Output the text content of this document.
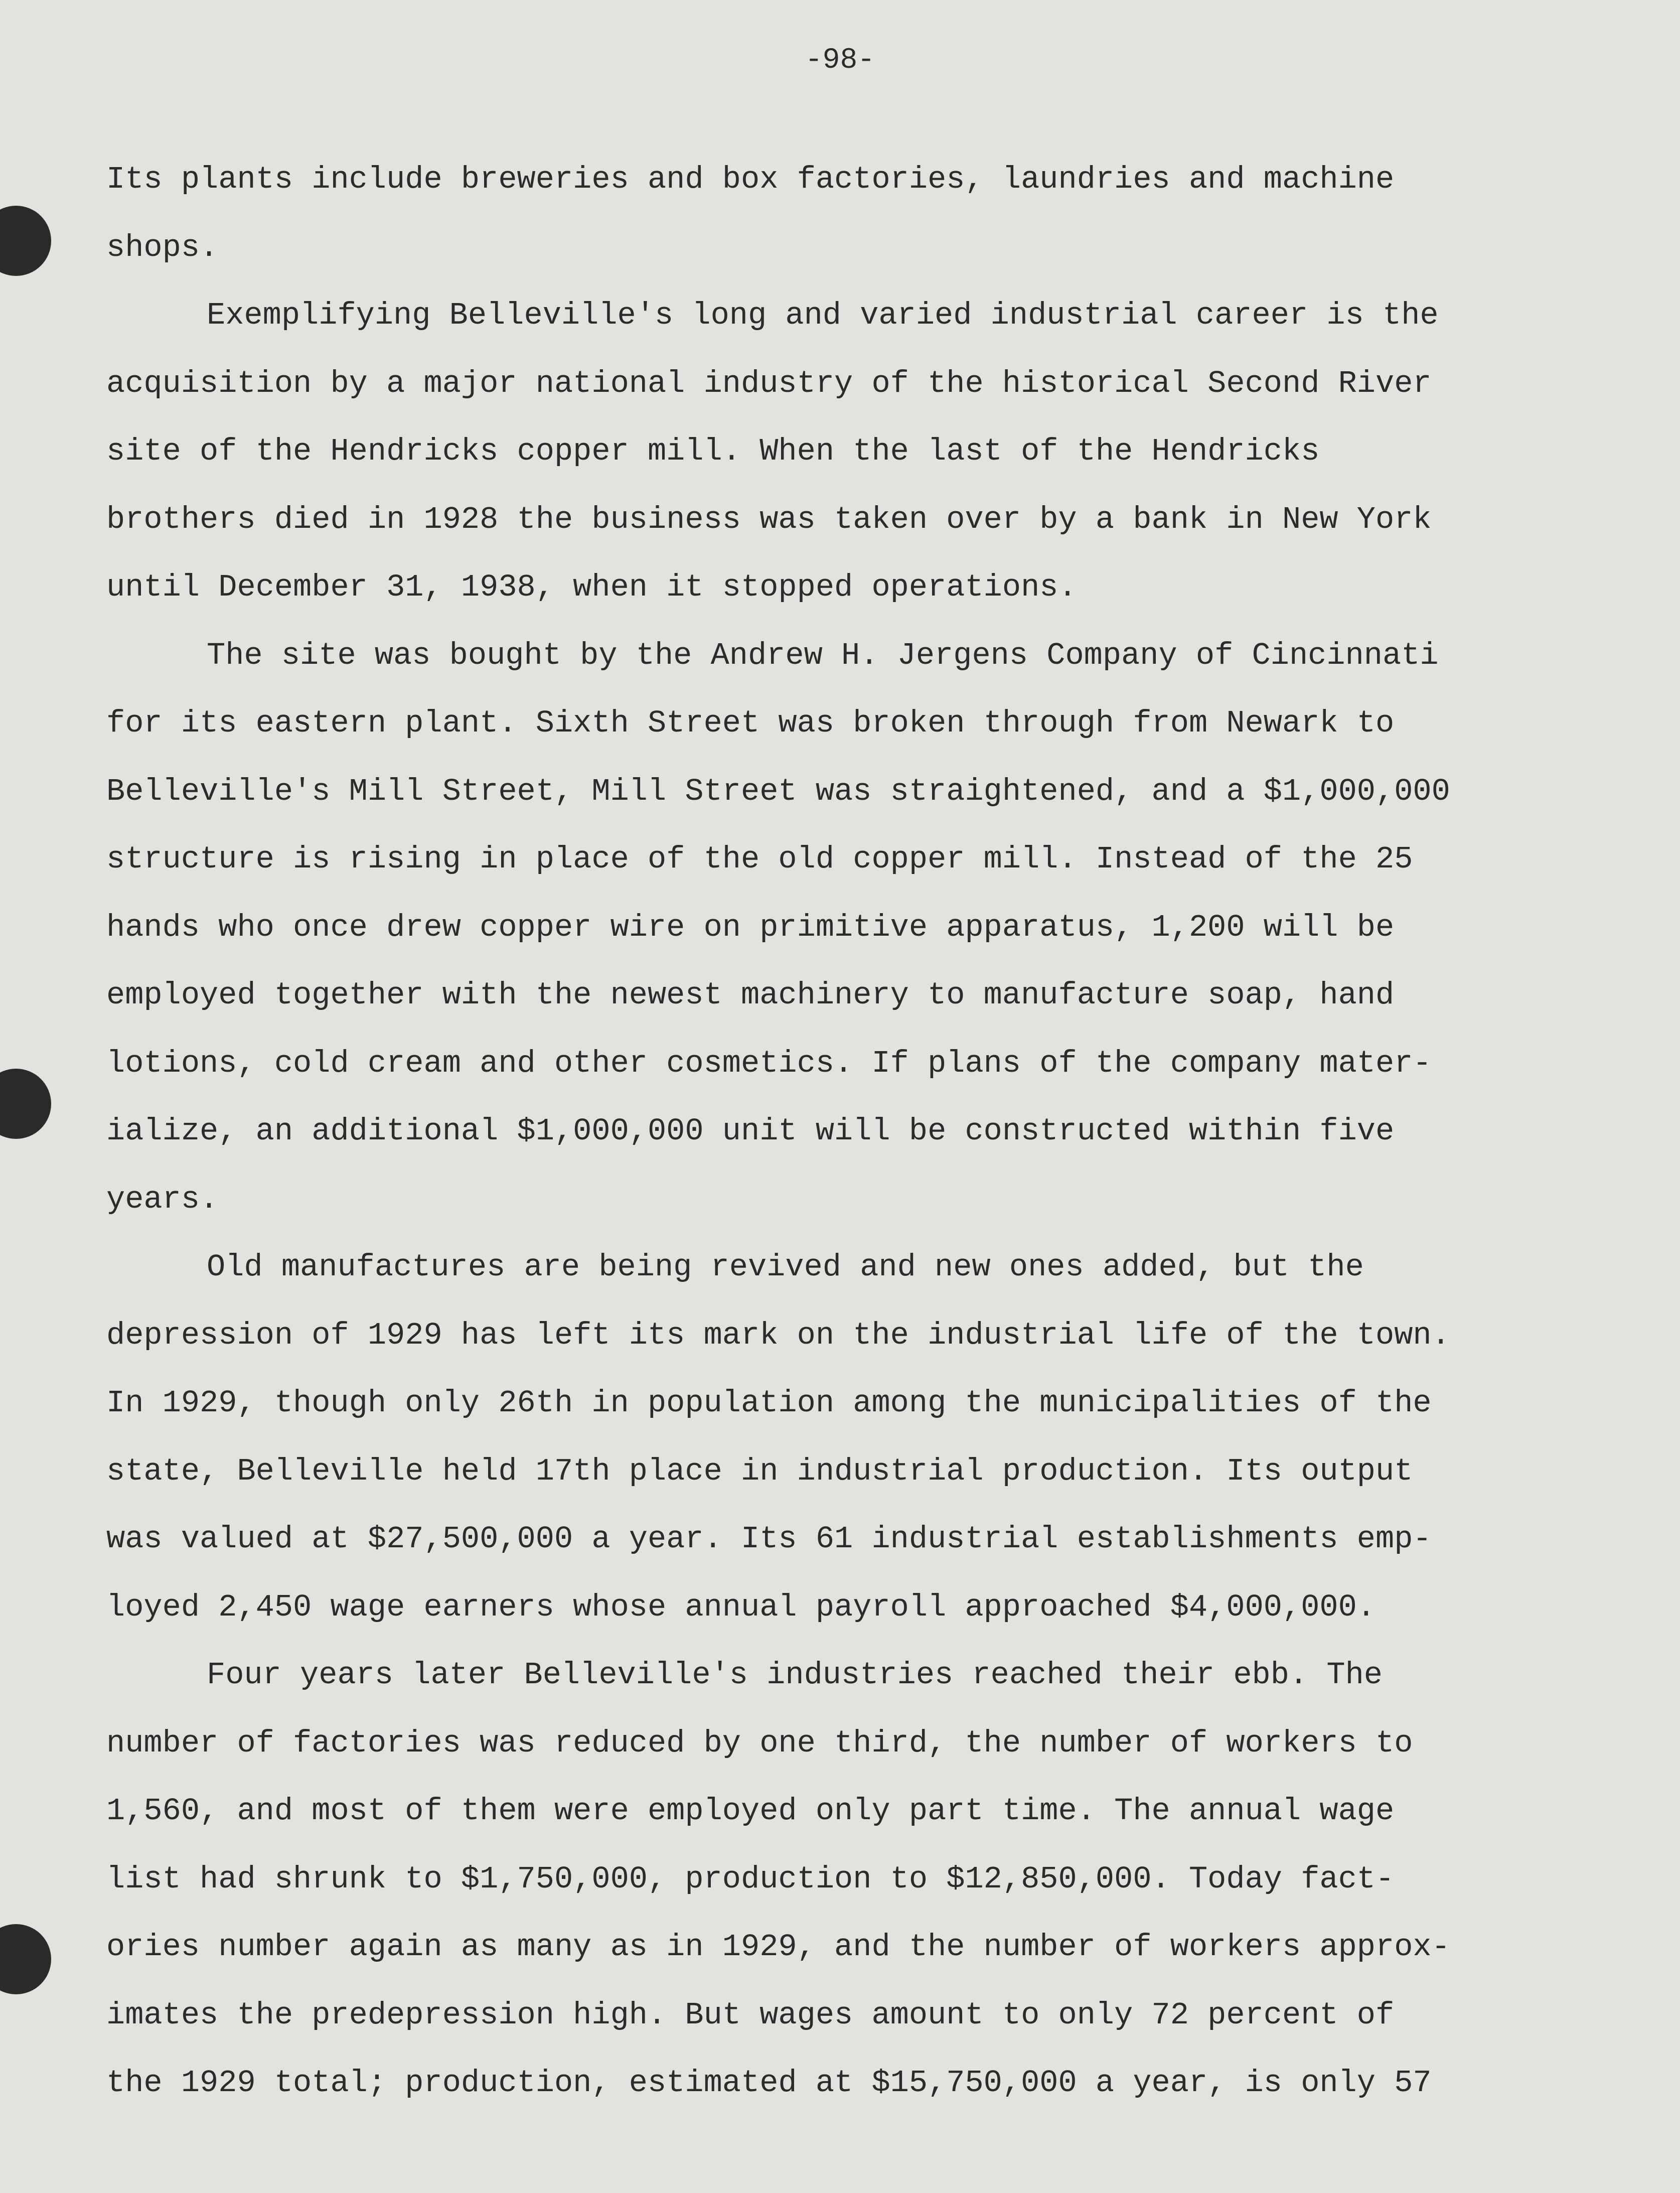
-98-
Its plants include breweries and box factories, laundries and machine
shops.
Exemplifying Belleville's long and varied industrial career is the
acquisition by a major national industry of the historical Second River
site of the Hendricks copper mill. When the last of the Hendricks
brothers died in 1928 the business was taken over by a bank in New York
until December 31, 1938, when it stopped operations.
The site was bought by the Andrew H. Jergens Company of Cincinnati
for its eastern plant. Sixth Street was broken through from Newark to
Belleville's Mill Street, Mill Street was straightened, and a $1,000,000
structure is rising in place of the old copper mill. Instead of the 25
hands who once drew copper wire on primitive apparatus, 1,200 will be
employed together with the newest machinery to manufacture soap, hand
lotions, cold cream and other cosmetics. If plans of the company mater-
ialize, an additional $1,000,000 unit will be constructed within five
years.
Old manufactures are being revived and new ones added, but the
depression of 1929 has left its mark on the industrial life of the town.
In 1929, though only 26th in population among the municipalities of the
state, Belleville held 17th place in industrial production. Its output
was valued at $27,500,000 a year. Its 61 industrial establishments emp-
loyed 2,450 wage earners whose annual payroll approached $4,000,000.
Four years later Belleville's industries reached their ebb. The
number of factories was reduced by one third, the number of workers to
1,560, and most of them were employed only part time. The annual wage
list had shrunk to $1,750,000, production to $12,850,000. Today fact-
ories number again as many as in 1929, and the number of workers approx-
imates the predepression high. But wages amount to only 72 percent of
the 1929 total; production, estimated at $15,750,000 a year, is only 57
